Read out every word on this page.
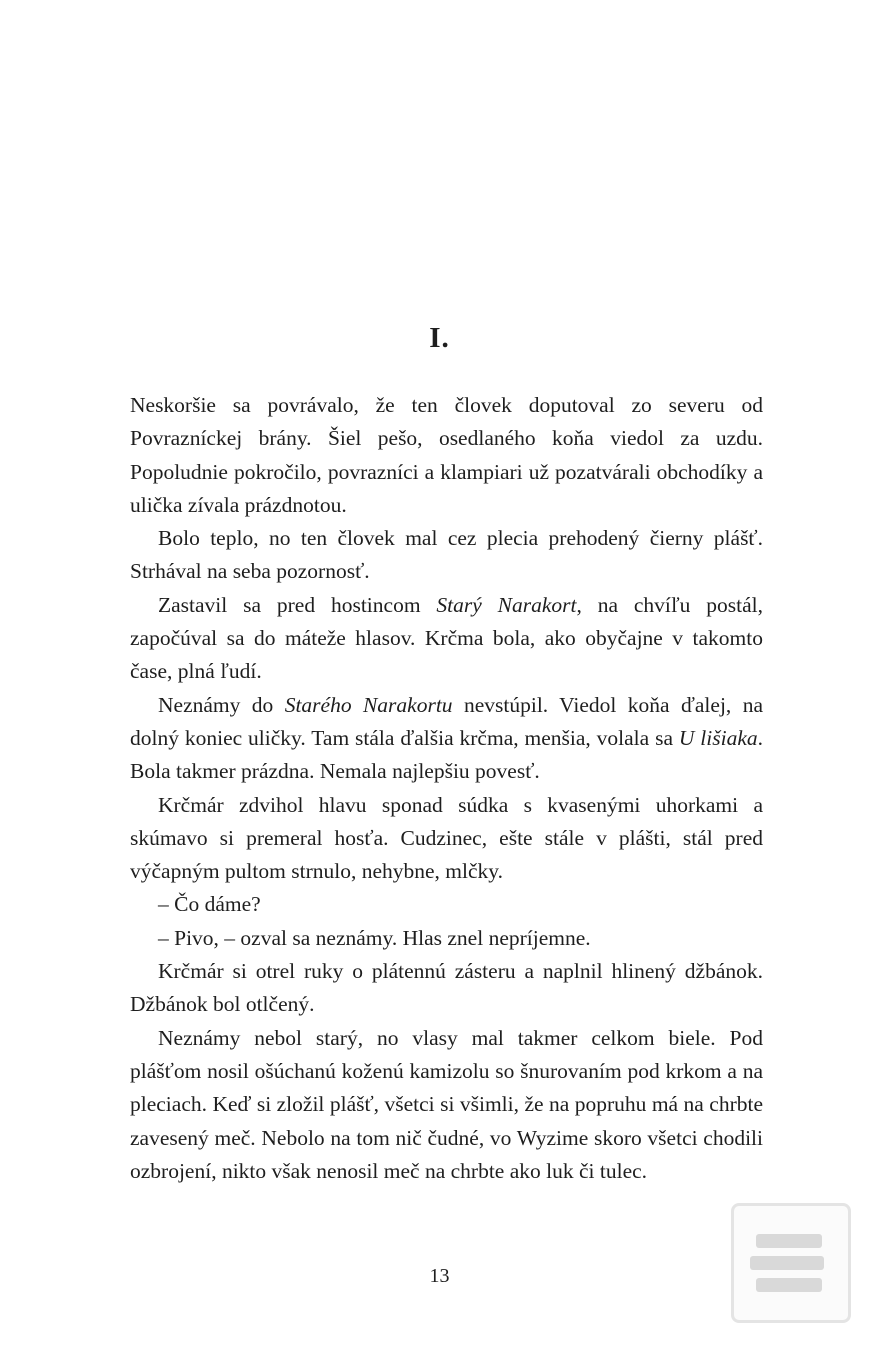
I.

Neskoršie sa povrávalo, že ten človek doputoval zo severu od Povrazníckej brány. Šiel pešo, osedlaného koňa viedol za uzdu. Popoludnie pokročilo, povrazníci a klampiari už pozatvárali obchodíky a ulička zívala prázdnotou.

Bolo teplo, no ten človek mal cez plecia prehodený čierny plášť. Strhával na seba pozornosť.

Zastavil sa pred hostincom Starý Narakort, na chvíľu postál, započúval sa do máteže hlasov. Krčma bola, ako obyčajne v takomto čase, plná ľudí.

Neznámy do Starého Narakortu nevstúpil. Viedol koňa ďalej, na dolný koniec uličky. Tam stála ďalšia krčma, menšia, volala sa U lišiaka. Bola takmer prázdna. Nemala najlepšiu povesť.

Krčmár zdvihol hlavu sponad súdka s kvasenými uhorkami a skúmavo si premeral hosťa. Cudzinec, ešte stále v plášti, stál pred výčapným pultom strnulo, nehybne, mlčky.

– Čo dáme?

– Pivo, – ozval sa neznámy. Hlas znel nepríjemne.

Krčmár si otrel ruky o plátennú zásteru a naplnil hlinený džbánok. Džbánok bol otlčený.

Neznámy nebol starý, no vlasy mal takmer celkom biele. Pod plášťom nosil ošúchanú koženú kamizolu so šnurovaním pod krkom a na pleciach. Keď si zložil plášť, všetci si všimli, že na popruhu má na chrbte zavesený meč. Nebolo na tom nič čudné, vo Wyzime skoro všetci chodili ozbrojení, nikto však nenosil meč na chrbte ako luk či tulec.

13
